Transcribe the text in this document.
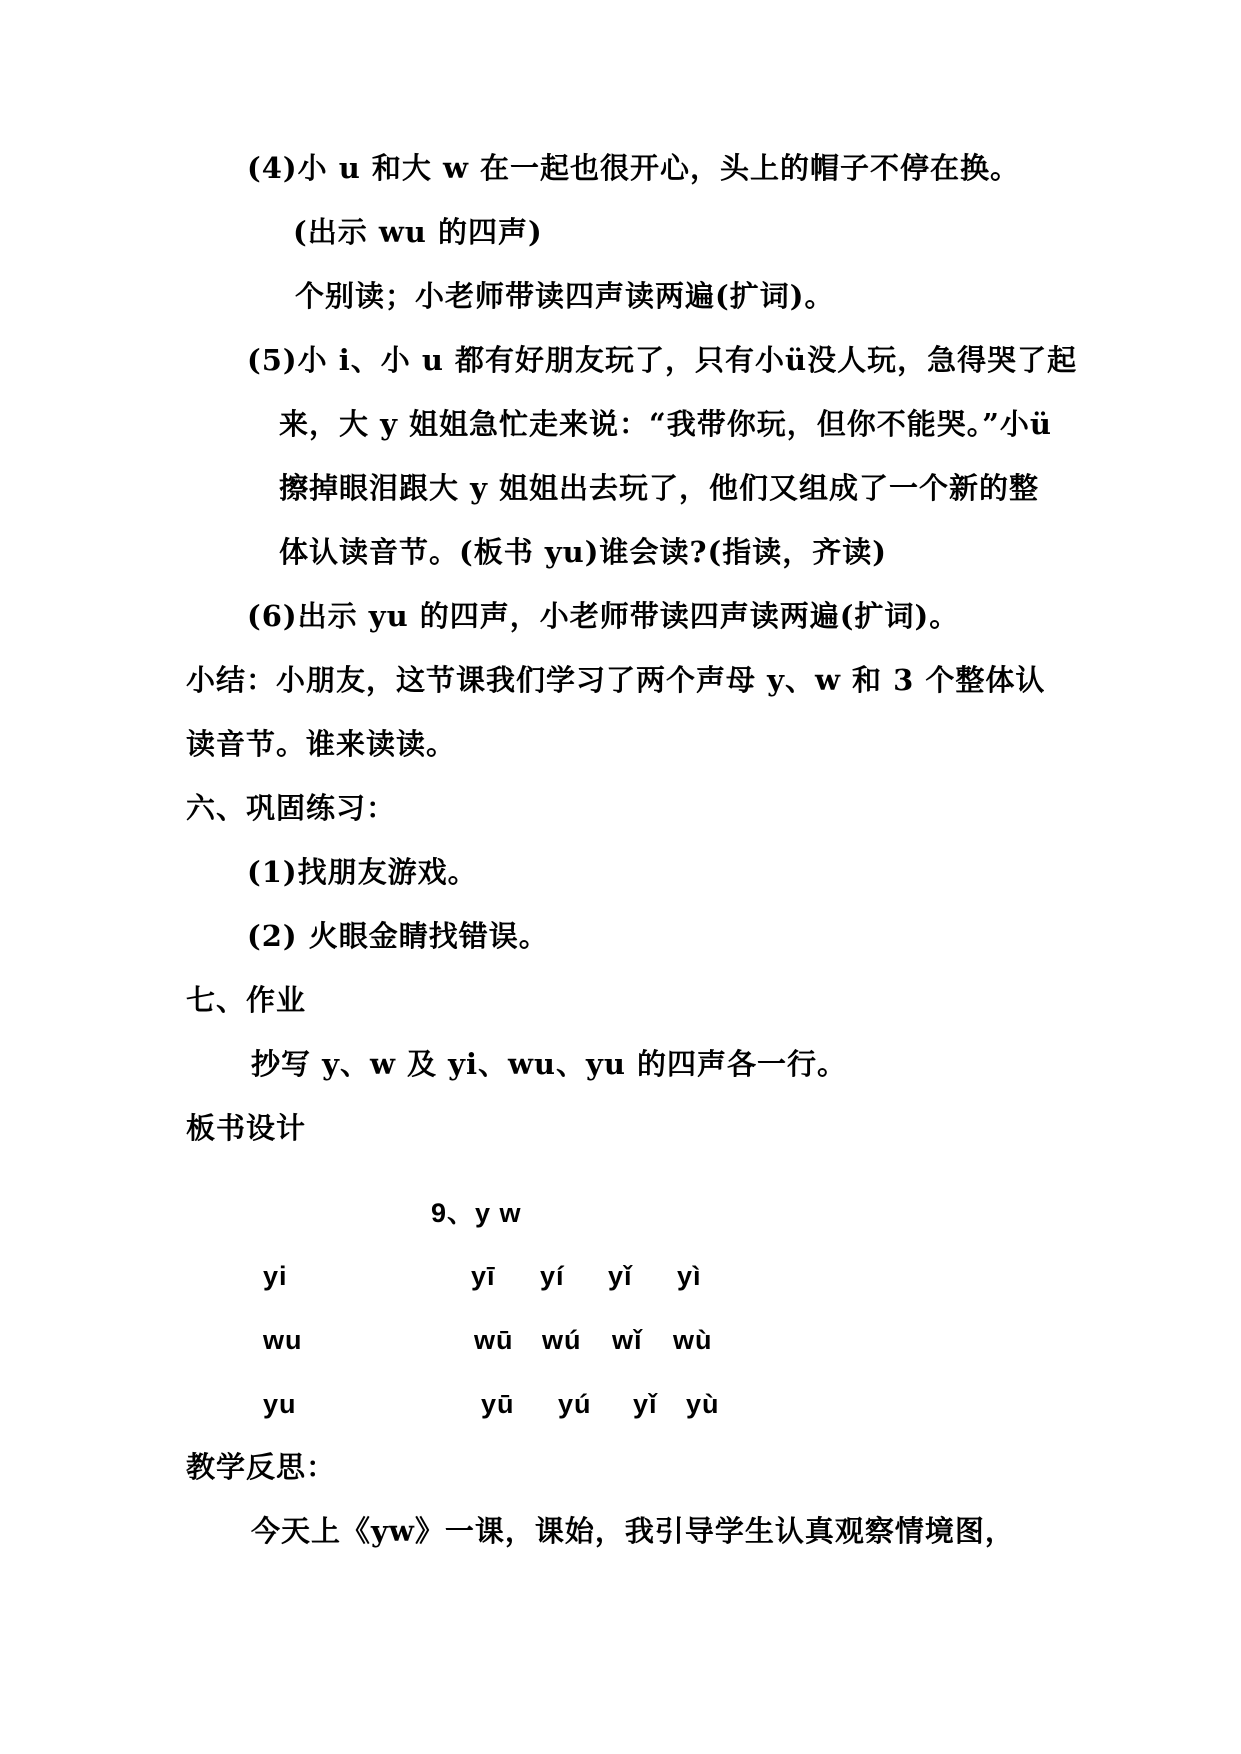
(4)小 u 和大 w 在一起也很开心，头上的帽子不停在换。
(出示 wu 的四声)
个别读；小老师带读四声读两遍(扩词)。
(5)小 i、小 u 都有好朋友玩了，只有小ü没人玩，急得哭了起
来，大 y 姐姐急忙走来说：“我带你玩，但你不能哭。”小ü
擦掉眼泪跟大 y 姐姐出去玩了，他们又组成了一个新的整
体认读音节。(板书 yu)谁会读?(指读，齐读)
(6)出示 yu 的四声，小老师带读四声读两遍(扩词)。
小结：小朋友，这节课我们学习了两个声母 y、w 和 3 个整体认
读音节。谁来读读。
六、巩固练习：
(1)找朋友游戏。
(2) 火眼金睛找错误。
七、作业
抄写 y、w 及 yi、wu、yu 的四声各一行。
板书设计
9、y w
yi	yī yí yǐ yì
wu	wū wú wǐ wù
yu	yū yú yǐ yù
教学反思：
今天上《yw》一课，课始，我引导学生认真观察情境图，
